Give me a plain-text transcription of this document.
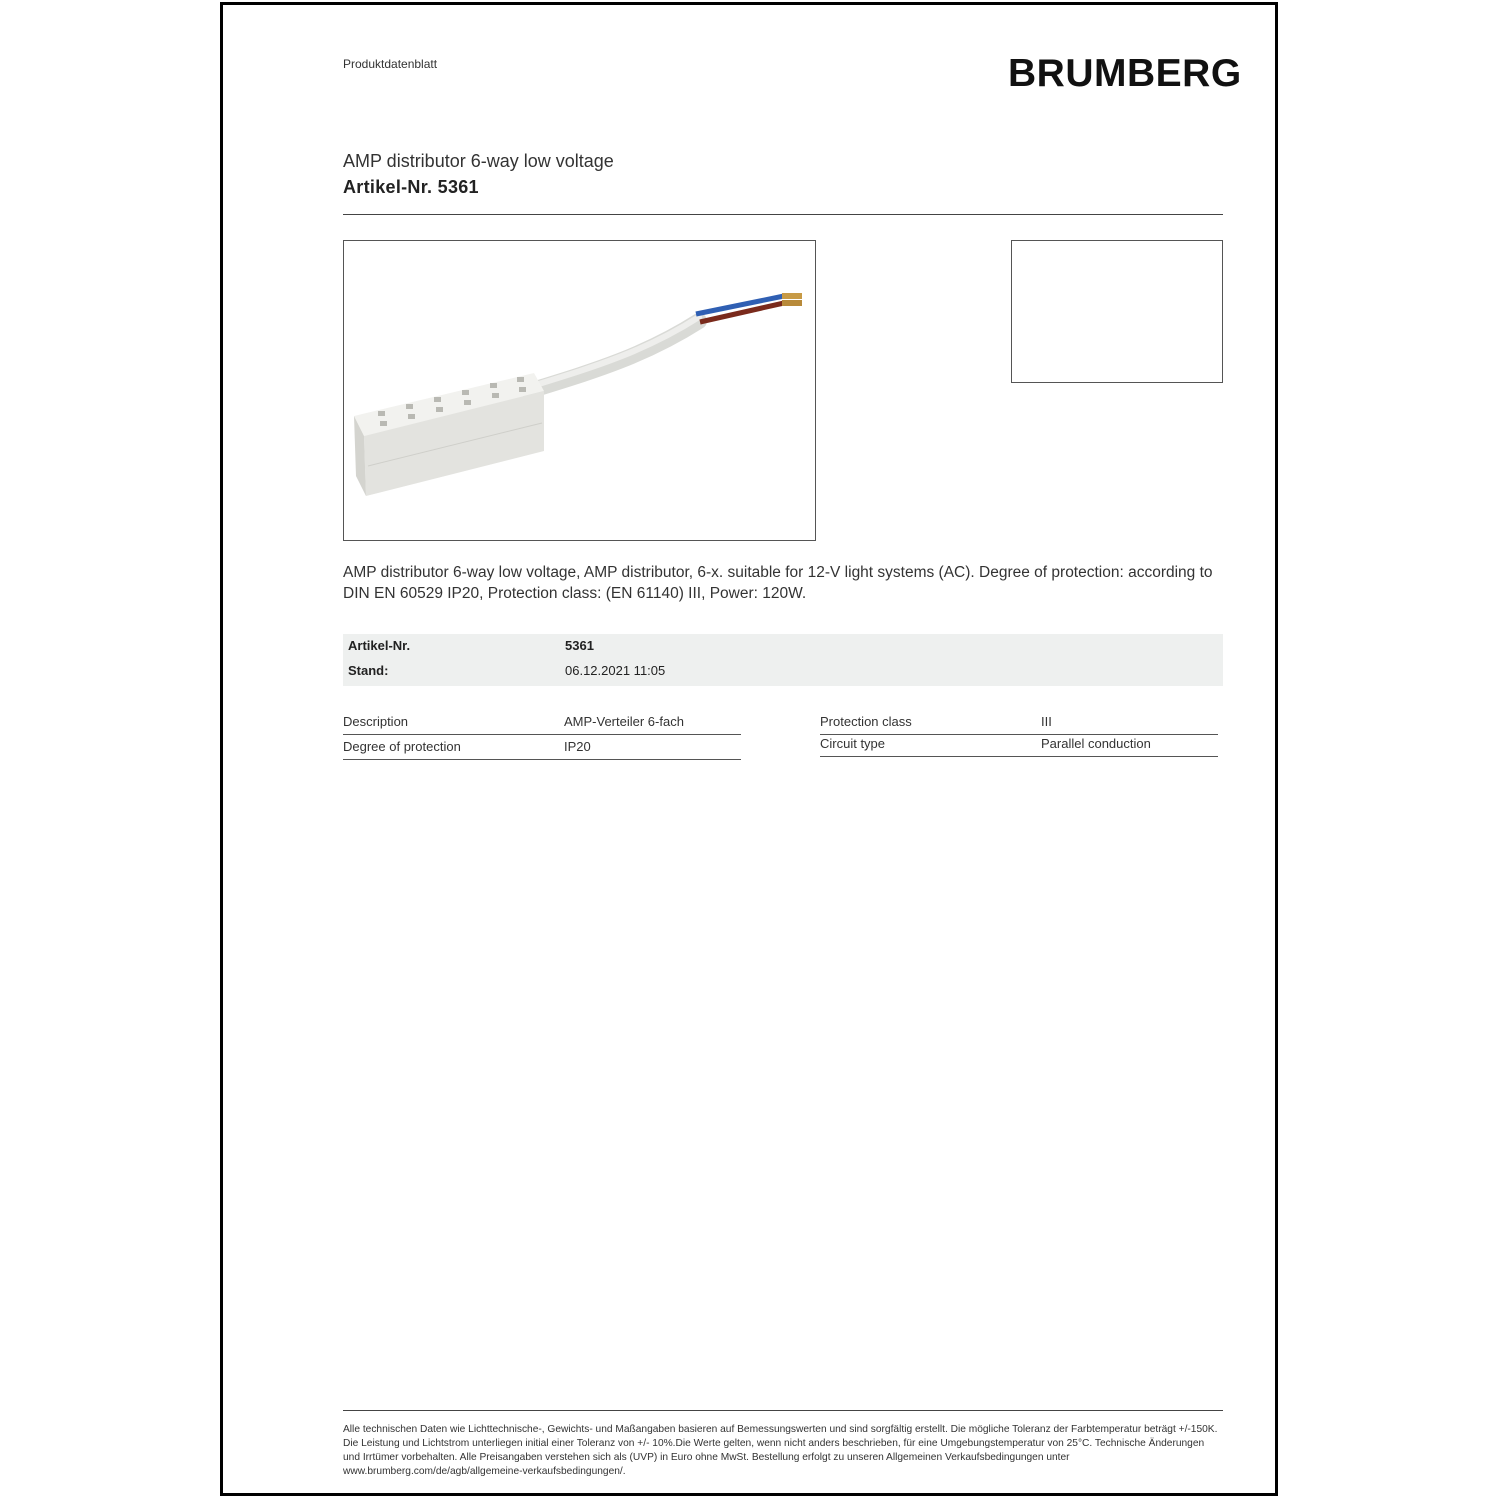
Produktdatenblatt	BRUMBERG
AMP distributor 6-way low voltage
Artikel-Nr. 5361
AMP distributor 6-way low voltage, AMP distributor, 6-x. suitable for 12-V light systems (AC). Degree of protection: according to DIN EN 60529 IP20, Protection class: (EN 61140) III, Power: 120W.
Artikel-Nr.	5361
Stand:	06.12.2021 11:05
Description	AMP-Verteiler 6-fach
Degree of protection	IP20
Protection class	III
Circuit type	Parallel conduction
Alle technischen Daten wie Lichttechnische-, Gewichts- und Maßangaben basieren auf Bemessungswerten und sind sorgfältig erstellt. Die mögliche Toleranz der Farbtemperatur beträgt +/-150K. Die Leistung und Lichtstrom unterliegen initial einer Toleranz von +/- 10%.Die Werte gelten, wenn nicht anders beschrieben, für eine Umgebungstemperatur von 25°C. Technische Änderungen und Irrtümer vorbehalten. Alle Preisangaben verstehen sich als (UVP) in Euro ohne MwSt. Bestellung erfolgt zu unseren Allgemeinen Verkaufsbedingungen unter www.brumberg.com/de/agb/allgemeine-verkaufsbedingungen/.
